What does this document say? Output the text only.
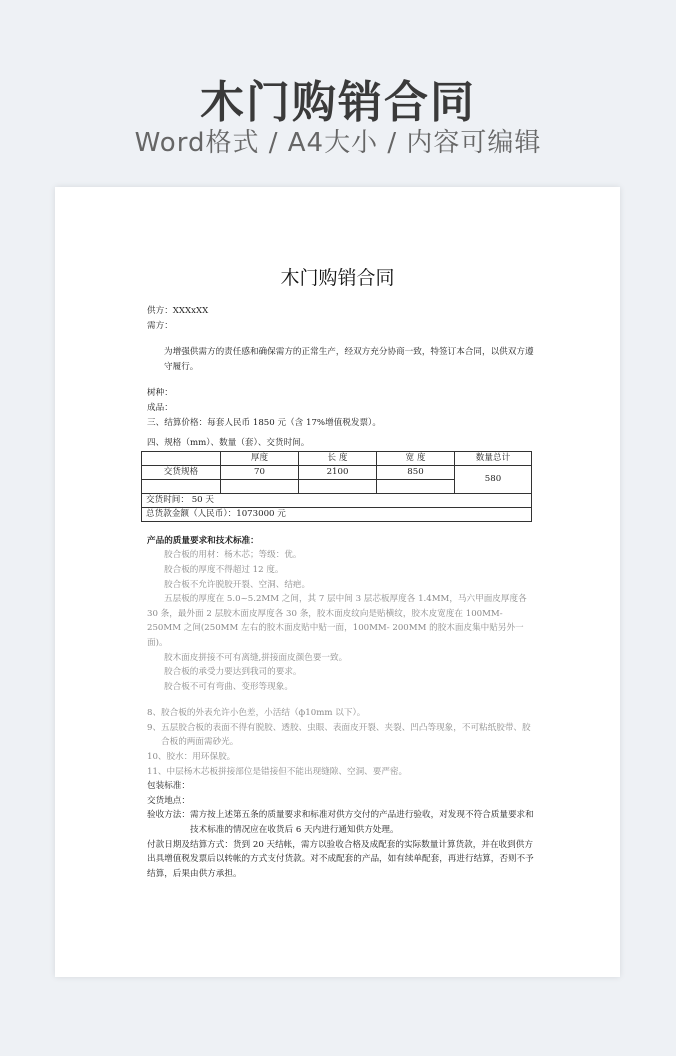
木门购销合同
Word格式 / A4大小 / 内容可编辑
木门购销合同
供方：XXXxXX
需方：
为增强供需方的责任感和确保需方的正常生产，经双方充分协商一致，特签订本合同，以供双方遵守履行。
树种：
成品：
三、结算价格：每套人民币 1850 元（含 17%增值税发票）。
四、规格（mm）、数量（套）、交货时间。
	厚度	长 度	宽 度	数量总计
交货规格	70	2100	850	580

交货时间： 50 天				
总货款金额（人民币）：1073000 元				
产品的质量要求和技术标准：
胶合板的用材：杨木芯；等级：优。
胶合板的厚度不得超过 12 度。
胶合板不允许脱胶开裂、空洞、结疤。
五层板的厚度在 5.0~5.2MM 之间，其 7 层中间 3 层芯板厚度各 1.4MM，马六甲面皮厚度各 30 条，最外面 2 层胶木面皮厚度各 30 条，胶木面皮纹向是贴横纹，胶木皮宽度在 100MM- 250MM 之间(250MM 左右的胶木面皮贴中贴一面，100MM- 200MM 的胶木面皮集中贴另外一面)。
胶木面皮拼接不可有离缝,拼接面皮颜色要一致。
胶合板的承受力要达到我司的要求。
胶合板不可有弯曲、变形等现象。
8、胶合板的外表允许小色差，小活结（ф10mm 以下）。
9、五层胶合板的表面不得有脱胶、透胶、虫眼、表面皮开裂、夹裂、凹凸等现象，不可粘纸胶带、胶合板的两面需砂光。
10、胶水：用环保胶。
11、中层杨木芯板拼接部位是错接但不能出现缝隙、空洞、要严密。
包装标准：
交货地点：
验收方法：需方按上述第五条的质量要求和标准对供方交付的产品进行验收，对发现不符合质量要求和技术标准的情况应在收货后 6 天内进行通知供方处理。
付款日期及结算方式：货到 20 天结帐，需方以验收合格及成配套的实际数量计算货款，并在收到供方出具增值税发票后以转帐的方式支付货款。对不成配套的产品，如有续单配套，再进行结算，否则不予结算，后果由供方承担。
